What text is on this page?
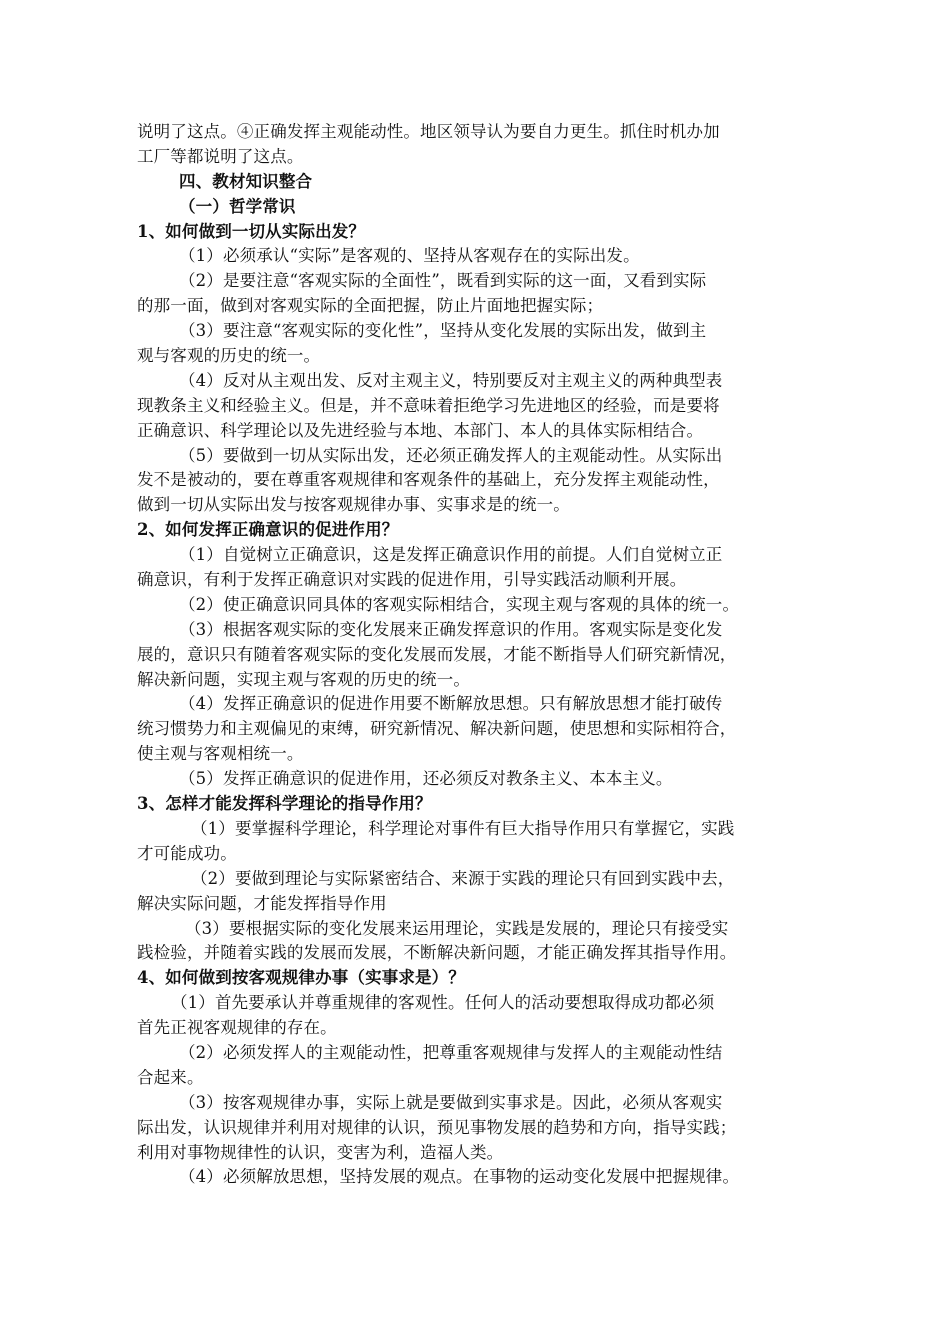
说明了这点。④正确发挥主观能动性。地区领导认为要自力更生。抓住时机办加
工厂等都说明了这点。
四、教材知识整合
（一）哲学常识
1、如何做到一切从实际出发？
（1）必须承认“实际”是客观的、坚持从客观存在的实际出发。
（2）是要注意“客观实际的全面性”，既看到实际的这一面，又看到实际
的那一面，做到对客观实际的全面把握，防止片面地把握实际；
（3）要注意“客观实际的变化性”，坚持从变化发展的实际出发，做到主
观与客观的历史的统一。
（4）反对从主观出发、反对主观主义，特别要反对主观主义的两种典型表
现教条主义和经验主义。但是，并不意味着拒绝学习先进地区的经验，而是要将
正确意识、科学理论以及先进经验与本地、本部门、本人的具体实际相结合。
（5）要做到一切从实际出发，还必须正确发挥人的主观能动性。从实际出
发不是被动的，要在尊重客观规律和客观条件的基础上，充分发挥主观能动性，
做到一切从实际出发与按客观规律办事、实事求是的统一。
2、如何发挥正确意识的促进作用？
（1）自觉树立正确意识，这是发挥正确意识作用的前提。人们自觉树立正
确意识，有利于发挥正确意识对实践的促进作用，引导实践活动顺利开展。
（2）使正确意识同具体的客观实际相结合，实现主观与客观的具体的统一。
（3）根据客观实际的变化发展来正确发挥意识的作用。客观实际是变化发
展的，意识只有随着客观实际的变化发展而发展，才能不断指导人们研究新情况，
解决新问题，实现主观与客观的历史的统一。
（4）发挥正确意识的促进作用要不断解放思想。只有解放思想才能打破传
统习惯势力和主观偏见的束缚，研究新情况、解决新问题，使思想和实际相符合，
使主观与客观相统一。
（5）发挥正确意识的促进作用，还必须反对教条主义、本本主义。
3、怎样才能发挥科学理论的指导作用？
（1）要掌握科学理论，科学理论对事件有巨大指导作用只有掌握它，实践
才可能成功。
（2）要做到理论与实际紧密结合、来源于实践的理论只有回到实践中去，
解决实际问题，才能发挥指导作用
（3）要根据实际的变化发展来运用理论，实践是发展的，理论只有接受实
践检验，并随着实践的发展而发展，不断解决新问题，才能正确发挥其指导作用。
4、如何做到按客观规律办事（实事求是）？
（1）首先要承认并尊重规律的客观性。任何人的活动要想取得成功都必须
首先正视客观规律的存在。
（2）必须发挥人的主观能动性，把尊重客观规律与发挥人的主观能动性结
合起来。
（3）按客观规律办事，实际上就是要做到实事求是。因此，必须从客观实
际出发，认识规律并利用对规律的认识，预见事物发展的趋势和方向，指导实践；
利用对事物规律性的认识，变害为利，造福人类。
（4）必须解放思想，坚持发展的观点。在事物的运动变化发展中把握规律。
